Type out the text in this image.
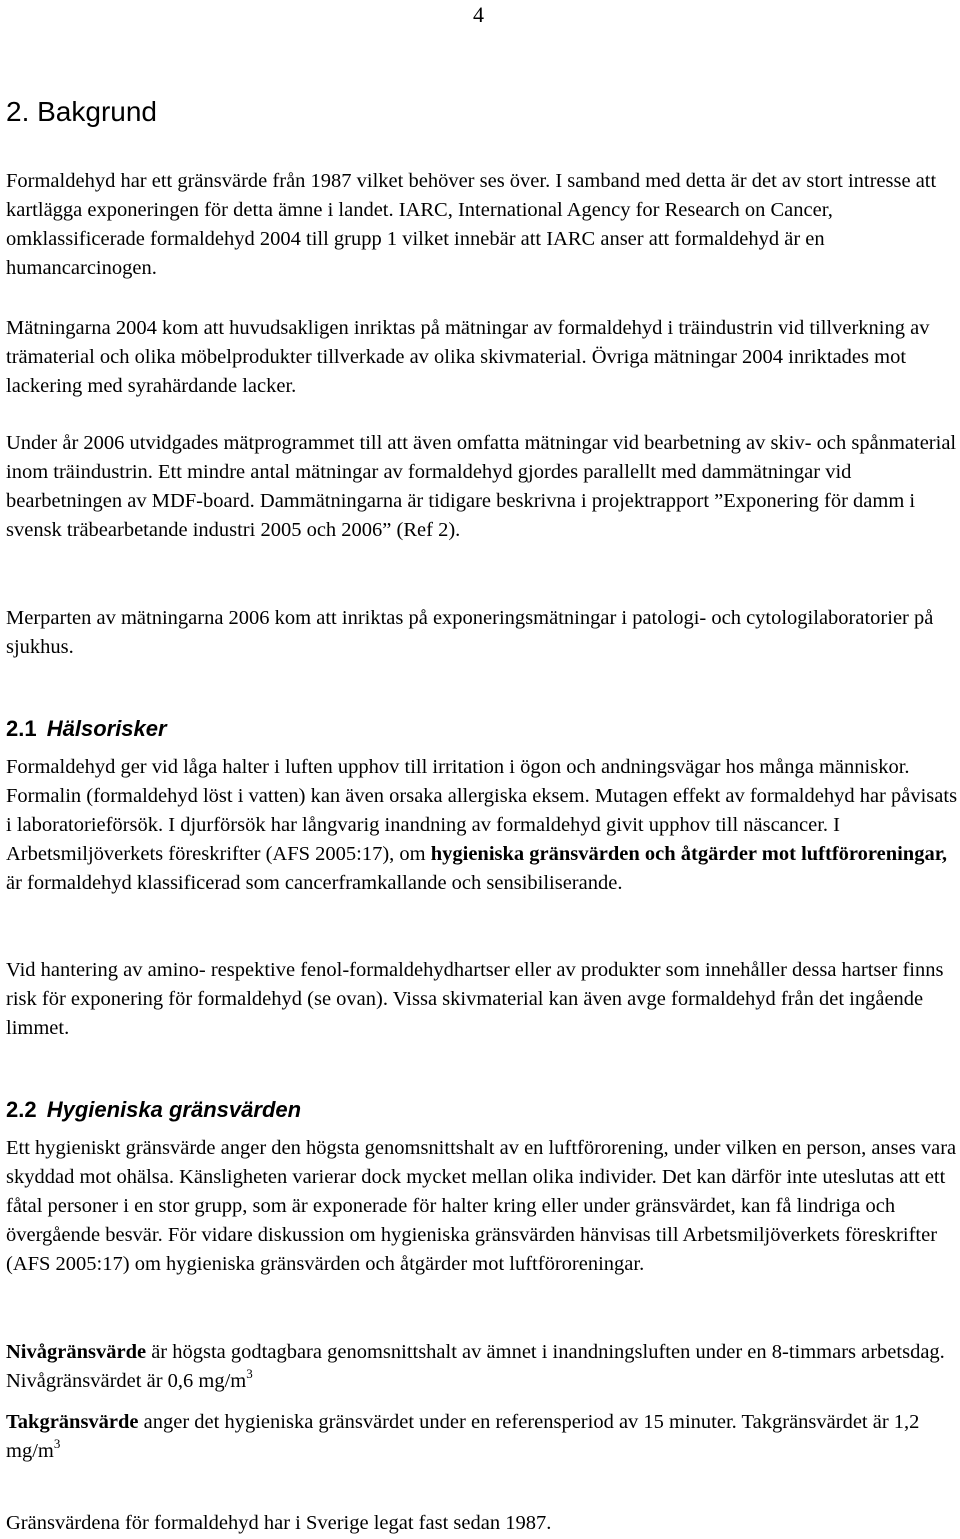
4
2. Bakgrund

Formaldehyd har ett gränsvärde från 1987 vilket behöver ses över. I samband med detta är det av stort intresse att kartlägga exponeringen för detta ämne i landet. IARC, International Agency for Research on Cancer, omklassificerade formaldehyd 2004 till grupp 1 vilket innebär att IARC anser att formaldehyd är en humancarcinogen.

Mätningarna 2004 kom att huvudsakligen inriktas på mätningar av formaldehyd i träindustrin vid tillverkning av trämaterial och olika möbelprodukter tillverkade av olika skivmaterial. Övriga mätningar 2004 inriktades mot lackering med syrahärdande lacker.

Under år 2006 utvidgades mätprogrammet till att även omfatta mätningar vid bearbetning av skiv- och spånmaterial inom träindustrin. Ett mindre antal mätningar av formaldehyd gjordes parallellt med dammätningar vid bearbetningen av MDF-board. Dammätningarna är tidigare beskrivna i projektrapport ”Exponering för damm i svensk träbearbetande industri 2005 och 2006” (Ref 2).

Merparten av mätningarna 2006 kom att inriktas på exponeringsmätningar i patologi- och cytologilaboratorier på sjukhus.

2.1 Hälsorisker

Formaldehyd ger vid låga halter i luften upphov till irritation i ögon och andningsvägar hos många människor. Formalin (formaldehyd löst i vatten) kan även orsaka allergiska eksem. Mutagen effekt av formaldehyd har påvisats i laboratorieförsök. I djurförsök har långvarig inandning av formaldehyd givit upphov till näscancer. I Arbetsmiljöverkets föreskrifter (AFS 2005:17), om hygieniska gränsvärden och åtgärder mot luftföroreningar, är formaldehyd klassificerad som cancerframkallande och sensibiliserande.

Vid hantering av amino- respektive fenol-formaldehydhartser eller av produkter som innehåller dessa hartser finns risk för exponering för formaldehyd (se ovan). Vissa skivmaterial kan även avge formaldehyd från det ingående limmet.

2.2 Hygieniska gränsvärden

Ett hygieniskt gränsvärde anger den högsta genomsnittshalt av en luftförorening, under vilken en person, anses vara skyddad mot ohälsa. Känsligheten varierar dock mycket mellan olika individer. Det kan därför inte uteslutas att ett fåtal personer i en stor grupp, som är exponerade för halter kring eller under gränsvärdet, kan få lindriga och övergående besvär. För vidare diskussion om hygieniska gränsvärden hänvisas till Arbetsmiljöverkets föreskrifter (AFS 2005:17) om hygieniska gränsvärden och åtgärder mot luftföroreningar.

Nivågränsvärde är högsta godtagbara genomsnittshalt av ämnet i inandningsluften under en 8-timmars arbetsdag. Nivågränsvärdet är 0,6 $mg/m^3$

Takgränsvärde anger det hygieniska gränsvärdet under en referensperiod av 15 minuter. Takgränsvärdet är 1,2 $mg/m^3$

Gränsvärdena för formaldehyd har i Sverige legat fast sedan 1987.
